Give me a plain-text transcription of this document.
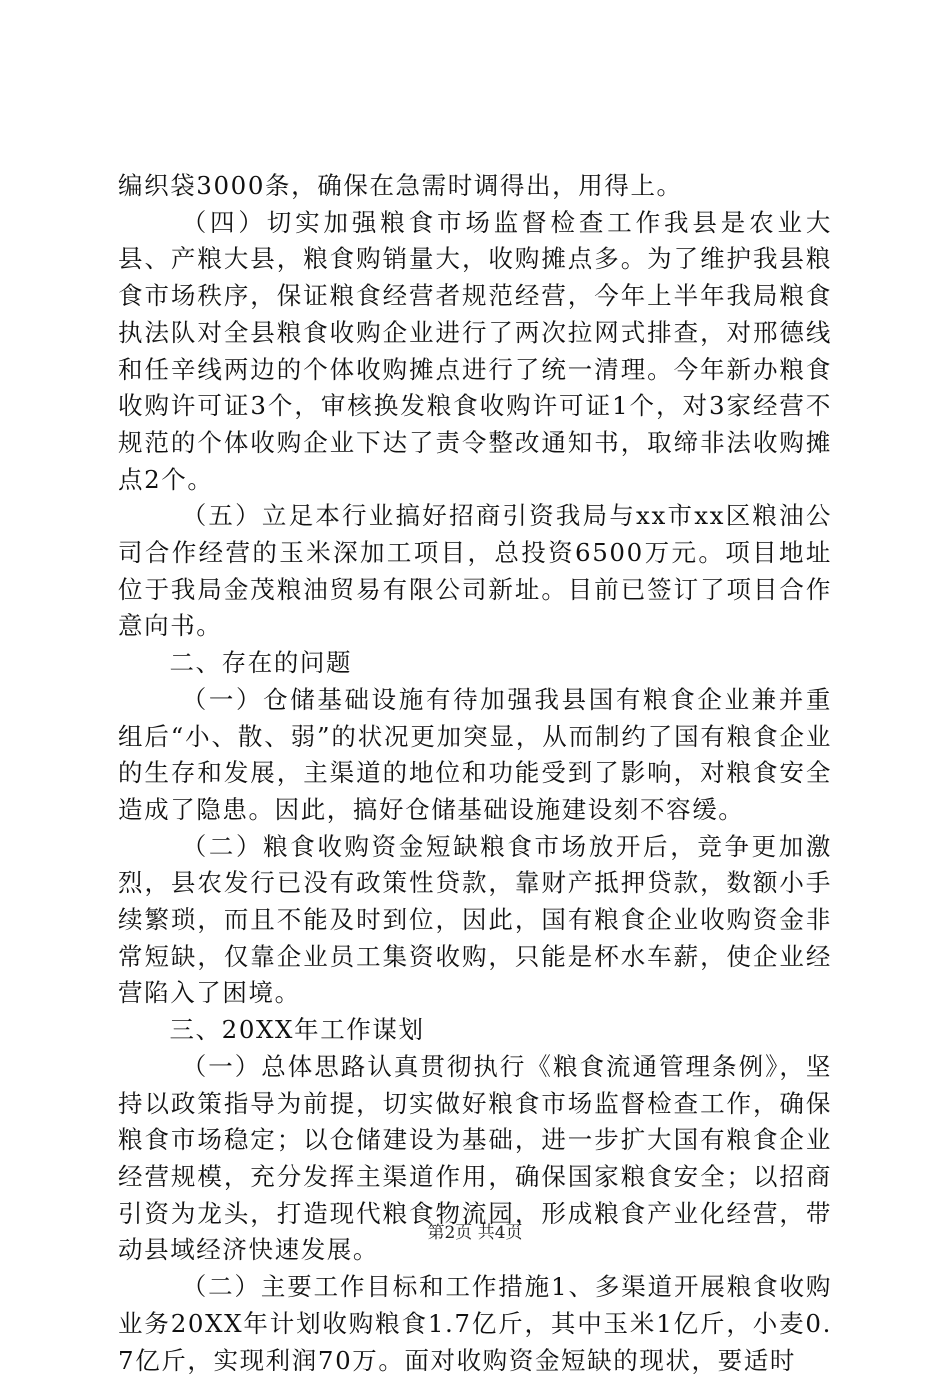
编织袋3000条，确保在急需时调得出，用得上。

（四）切实加强粮食市场监督检查工作我县是农业大县、产粮大县，粮食购销量大，收购摊点多。为了维护我县粮食市场秩序，保证粮食经营者规范经营，今年上半年我局粮食执法队对全县粮食收购企业进行了两次拉网式排查，对邢德线和任辛线两边的个体收购摊点进行了统一清理。今年新办粮食收购许可证3个，审核换发粮食收购许可证1个，对3家经营不规范的个体收购企业下达了责令整改通知书，取缔非法收购摊点2个。

（五）立足本行业搞好招商引资我局与xx市xx区粮油公司合作经营的玉米深加工项目，总投资6500万元。项目地址位于我局金茂粮油贸易有限公司新址。目前已签订了项目合作意向书。

二、存在的问题

（一）仓储基础设施有待加强我县国有粮食企业兼并重组后“小、散、弱”的状况更加突显，从而制约了国有粮食企业的生存和发展，主渠道的地位和功能受到了影响，对粮食安全造成了隐患。因此，搞好仓储基础设施建设刻不容缓。

（二）粮食收购资金短缺粮食市场放开后，竞争更加激烈，县农发行已没有政策性贷款，靠财产抵押贷款，数额小手续繁琐，而且不能及时到位，因此，国有粮食企业收购资金非常短缺，仅靠企业员工集资收购，只能是杯水车薪，使企业经营陷入了困境。

三、20XX年工作谋划

（一）总体思路认真贯彻执行《粮食流通管理条例》，坚持以政策指导为前提，切实做好粮食市场监督检查工作，确保粮食市场稳定；以仓储建设为基础，进一步扩大国有粮食企业经营规模，充分发挥主渠道作用，确保国家粮食安全；以招商引资为龙头，打造现代粮食物流园，形成粮食产业化经营，带动县域经济快速发展。

（二）主要工作目标和工作措施1、多渠道开展粮食收购业务20XX年计划收购粮食1.7亿斤，其中玉米1亿斤，小麦0.7亿斤，实现利润70万。面对收购资金短缺的现状，要适时

第2页 共4页
